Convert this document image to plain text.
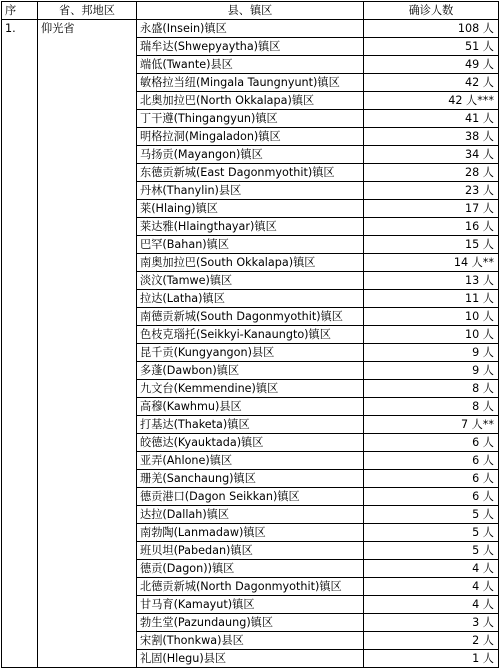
序	省、邦地区	县、镇区	确诊人数
1.	仰光省	永盛(Insein)镇区	108 人
		瑞牟达(Shwepyaytha)镇区	51 人
		端低(Twante)县区	49 人
		敏格拉当纽(Mingala Taungnyunt)镇区	42 人
		北奥加拉巴(North Okkalapa)镇区	42 人***
		丁干遵(Thingangyun)镇区	41 人
		明格拉洞(Mingaladon)镇区	38 人
		马扬贡(Mayangon)镇区	34 人
		东德贡新城(East Dagonmyothit)镇区	28 人
		丹林(Thanylin)县区	23 人
		莱(Hlaing)镇区	17 人
		莱达雅(Hlaingthayar)镇区	16 人
		巴罕(Bahan)镇区	15 人
		南奥加拉巴(South Okkalapa)镇区	14 人**
		淡汶(Tamwe)镇区	13 人
		拉达(Latha)镇区	11 人
		南德贡新城(South Dagonmyothit)镇区	10 人
		色枝克瑙托(Seikkyi-Kanaungto)镇区	10 人
		昆千贡(Kungyangon)县区	9 人
		多蓬(Dawbon)镇区	9 人
		九文台(Kemmendine)镇区	8 人
		高穆(Kawhmu)县区	8 人
		打基达(Thaketa)镇区	7 人**
		皎德达(Kyauktada)镇区	6 人
		亚弄(Ahlone)镇区	6 人
		珊羌(Sanchaung)镇区	6 人
		德贡港口(Dagon Seikkan)镇区	6 人
		达拉(Dallah)镇区	5 人
		南勃陶(Lanmadaw)镇区	5 人
		班贝坦(Pabedan)镇区	5 人
		德贡(Dagon))镇区	4 人
		北德贡新城(North Dagonmyothit)镇区	4 人
		甘马育(Kamayut)镇区	4 人
		勃生堂(Pazundaung)镇区	3 人
		宋割(Thonkwa)县区	2 人
		礼固(Hlegu)县区	1 人
